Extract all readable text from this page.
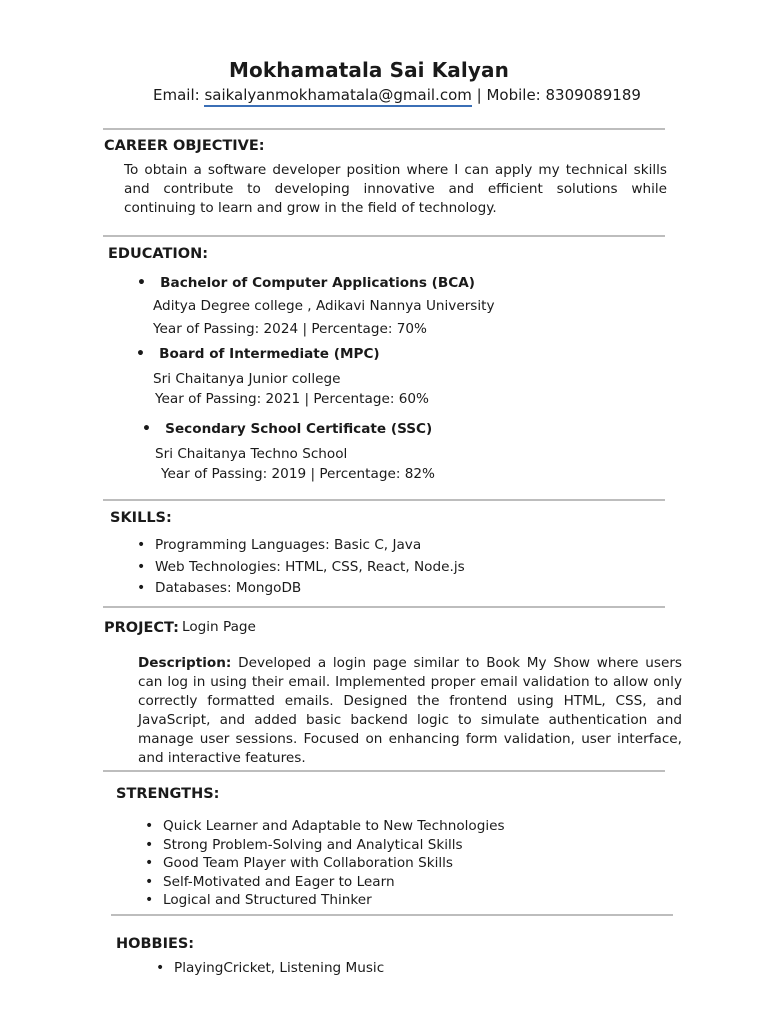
Mokhamatala Sai Kalyan
Email: saikalyanmokhamatala@gmail.com | Mobile: 8309089189
CAREER OBJECTIVE:
To obtain a software developer position where I can apply my technical skills and contribute to developing innovative and efficient solutions while continuing to learn and grow in the field of technology.
EDUCATION:
• Bachelor of Computer Applications (BCA)
Aditya Degree college , Adikavi Nannya University
Year of Passing: 2024 | Percentage: 70%
• Board of Intermediate (MPC)
Sri Chaitanya Junior college
Year of Passing: 2021 | Percentage: 60%
• Secondary School Certificate (SSC)
Sri Chaitanya Techno School
Year of Passing: 2019 | Percentage: 82%
SKILLS:
• Programming Languages: Basic C, Java
• Web Technologies: HTML, CSS, React, Node.js
• Databases: MongoDB
PROJECT: Login Page
Description: Developed a login page similar to Book My Show where users can log in using their email. Implemented proper email validation to allow only correctly formatted emails. Designed the frontend using HTML, CSS, and JavaScript, and added basic backend logic to simulate authentication and manage user sessions. Focused on enhancing form validation, user interface, and interactive features.
STRENGTHS:
• Quick Learner and Adaptable to New Technologies
• Strong Problem-Solving and Analytical Skills
• Good Team Player with Collaboration Skills
• Self-Motivated and Eager to Learn
• Logical and Structured Thinker
HOBBIES:
• PlayingCricket, Listening Music
